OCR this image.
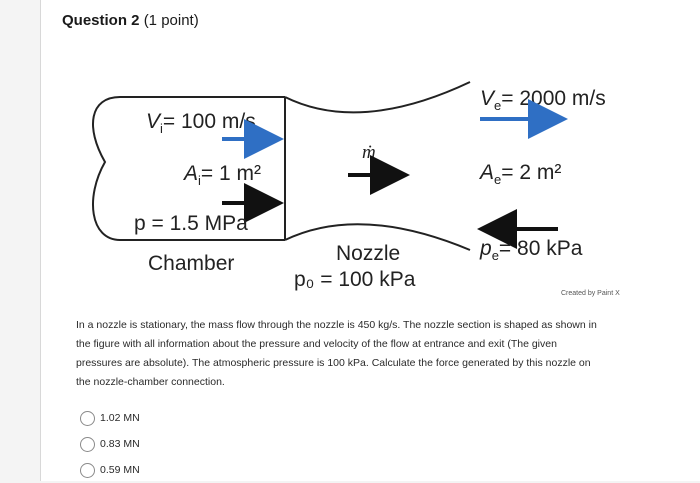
Question 2 (1 point)
$V_i= 100$ m/s
$A_i= 1$ m²
p = 1.5 MPa
Chamber
ṁ
Nozzle
p₀ = 100 kPa
$V_e= 2000$ m/s
$A_e= 2$ m²
$p_e= 80$ kPa
Created by Paint X
In a nozzle is stationary, the mass flow through the nozzle is 450 kg/s. The nozzle section is shaped as shown in the figure with all information about the pressure and velocity of the flow at entrance and exit (The given pressures are absolute). The atmospheric pressure is 100 kPa. Calculate the force generated by this nozzle on the nozzle-chamber connection.
1.02 MN
0.83 MN
0.59 MN
